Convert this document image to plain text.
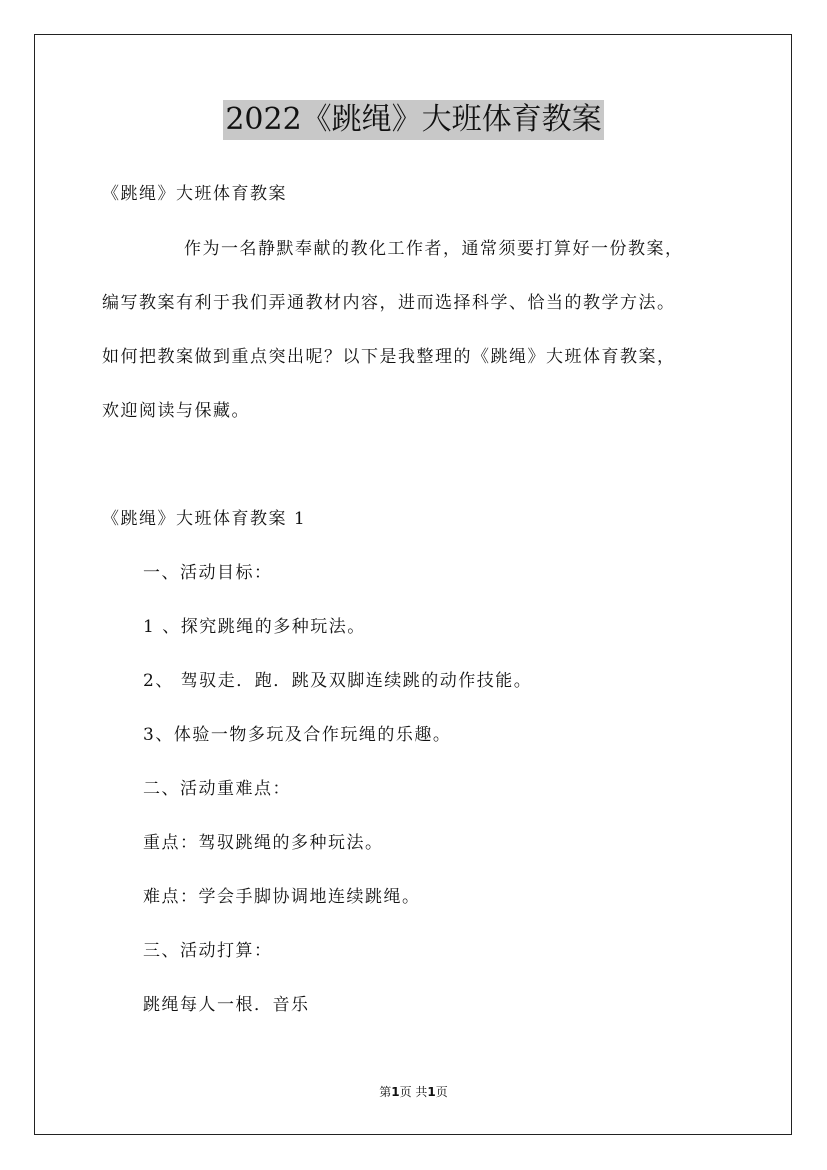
2022《跳绳》大班体育教案
《跳绳》大班体育教案
作为一名静默奉献的教化工作者，通常须要打算好一份教案，
编写教案有利于我们弄通教材内容，进而选择科学、恰当的教学方法。
如何把教案做到重点突出呢？以下是我整理的《跳绳》大班体育教案，
欢迎阅读与保藏。
《跳绳》大班体育教案 1
一、活动目标：
1 、探究跳绳的多种玩法。
2、 驾驭走．跑．跳及双脚连续跳的动作技能。
3、体验一物多玩及合作玩绳的乐趣。
二、活动重难点：
重点：驾驭跳绳的多种玩法。
难点：学会手脚协调地连续跳绳。
三、活动打算：
跳绳每人一根．音乐
第1页 共1页
